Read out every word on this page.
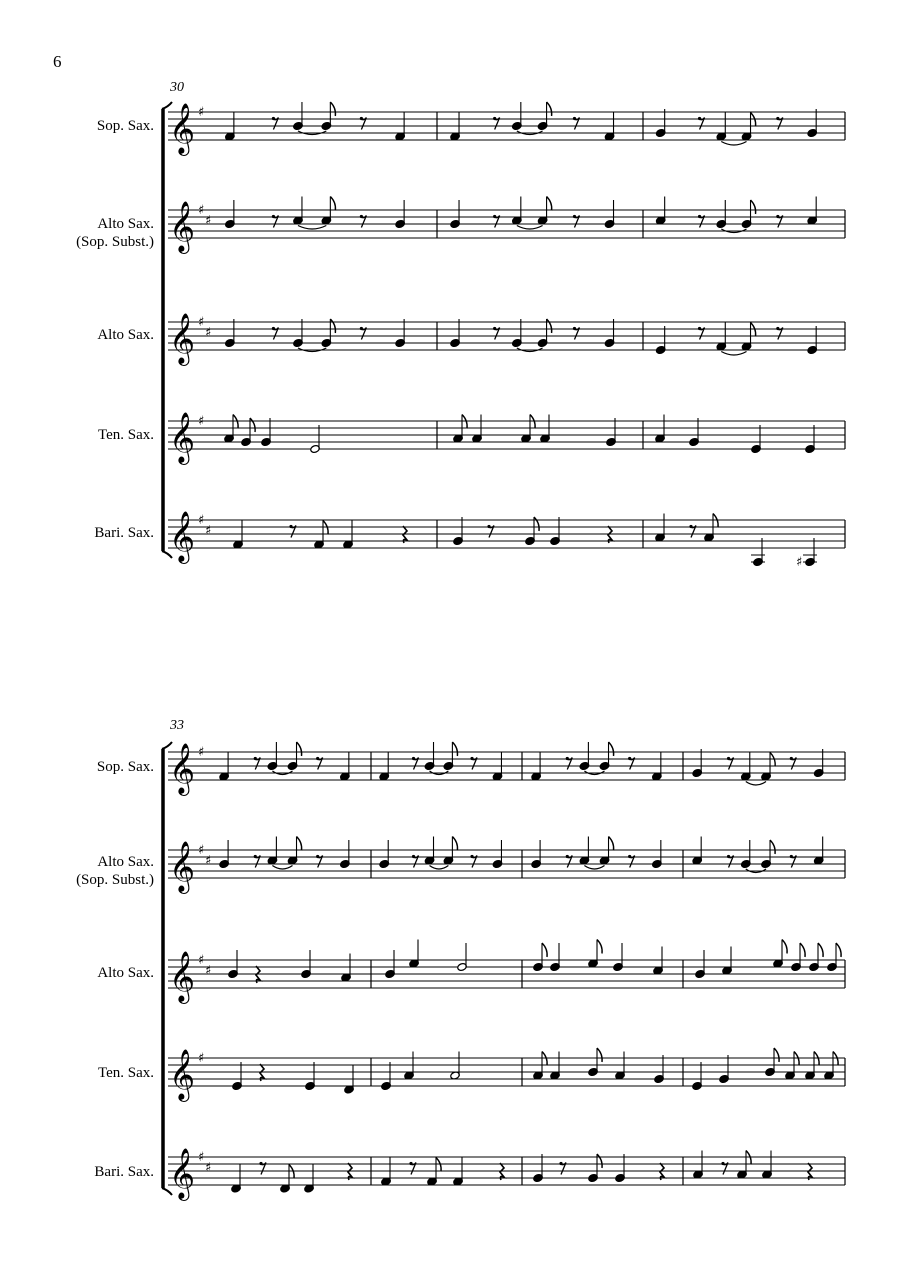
6
30
33
Sop. Sax.
Alto Sax.
(Sop. Subst.)
Alto Sax.
Ten. Sax.
Bari. Sax.
Sop. Sax.
Alto Sax.
(Sop. Subst.)
Alto Sax.
Ten. Sax.
Bari. Sax.
𝄞
𝄞
𝄞
𝄞
𝄞
♯
♯
♯
♯
♯
♯
♯
♯
♯
𝄞
𝄞
𝄞
𝄞
𝄞
♯
♯
♯
♯
♯
♯
♯
♯
